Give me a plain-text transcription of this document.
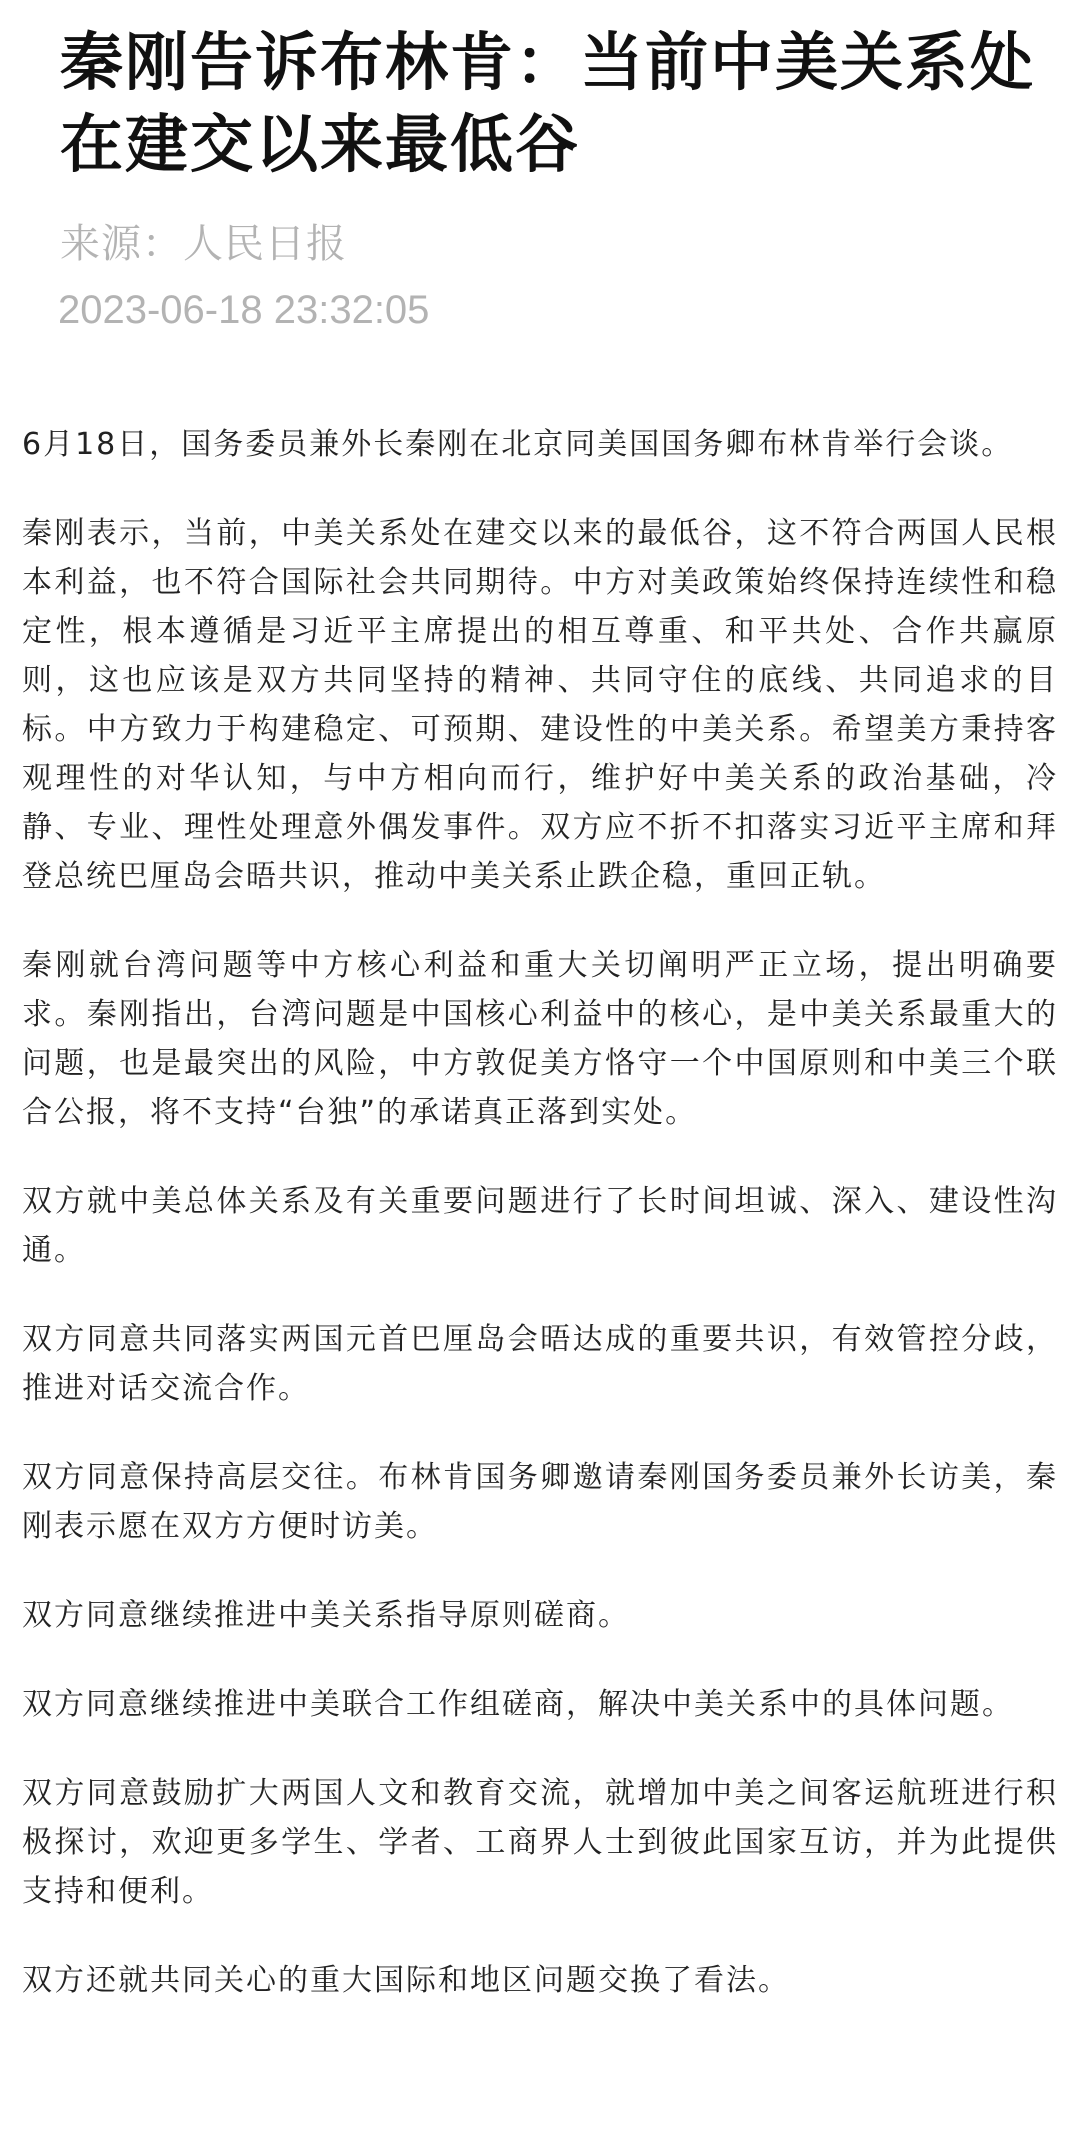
秦刚告诉布林肯：当前中美关系处在建交以来最低谷
来源：人民日报
2023-06-18 23:32:05

6月18日，国务委员兼外长秦刚在北京同美国国务卿布林肯举行会谈。

秦刚表示，当前，中美关系处在建交以来的最低谷，这不符合两国人民根本利益，也不符合国际社会共同期待。中方对美政策始终保持连续性和稳定性，根本遵循是习近平主席提出的相互尊重、和平共处、合作共赢原则，这也应该是双方共同坚持的精神、共同守住的底线、共同追求的目标。中方致力于构建稳定、可预期、建设性的中美关系。希望美方秉持客观理性的对华认知，与中方相向而行，维护好中美关系的政治基础，冷静、专业、理性处理意外偶发事件。双方应不折不扣落实习近平主席和拜登总统巴厘岛会晤共识，推动中美关系止跌企稳，重回正轨。

秦刚就台湾问题等中方核心利益和重大关切阐明严正立场，提出明确要求。秦刚指出，台湾问题是中国核心利益中的核心，是中美关系最重大的问题，也是最突出的风险，中方敦促美方恪守一个中国原则和中美三个联合公报，将不支持“台独”的承诺真正落到实处。

双方就中美总体关系及有关重要问题进行了长时间坦诚、深入、建设性沟通。

双方同意共同落实两国元首巴厘岛会晤达成的重要共识，有效管控分歧，推进对话交流合作。

双方同意保持高层交往。布林肯国务卿邀请秦刚国务委员兼外长访美，秦刚表示愿在双方方便时访美。

双方同意继续推进中美关系指导原则磋商。

双方同意继续推进中美联合工作组磋商，解决中美关系中的具体问题。

双方同意鼓励扩大两国人文和教育交流，就增加中美之间客运航班进行积极探讨，欢迎更多学生、学者、工商界人士到彼此国家互访，并为此提供支持和便利。

双方还就共同关心的重大国际和地区问题交换了看法。
